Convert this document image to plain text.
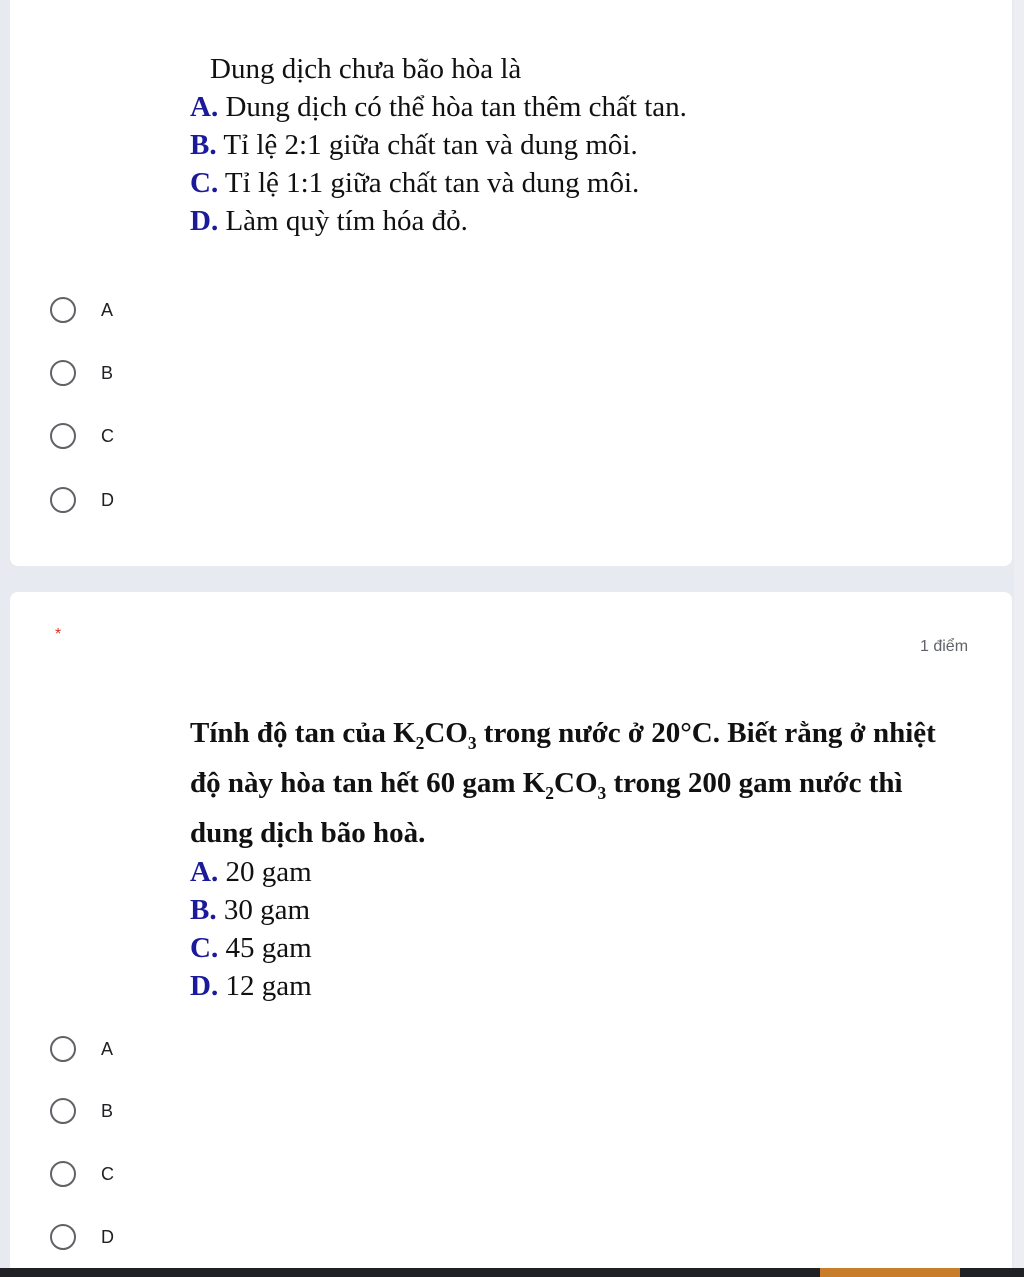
Dung dịch chưa bão hòa là

A. Dung dịch có thể hòa tan thêm chất tan.

B. Tỉ lệ 2:1 giữa chất tan và dung môi.

C. Tỉ lệ 1:1 giữa chất tan và dung môi.

D. Làm quỳ tím hóa đỏ.

A
B
C
D
*
1 điểm

Tính độ tan của $K_2CO_3$ trong nước ở 20°C. Biết rằng ở nhiệt độ này hòa tan hết 60 gam $K_2CO_3$ trong 200 gam nước thì dung dịch bão hoà.

A. 20 gam

B. 30 gam

C. 45 gam

D. 12 gam

A
B
C
D
